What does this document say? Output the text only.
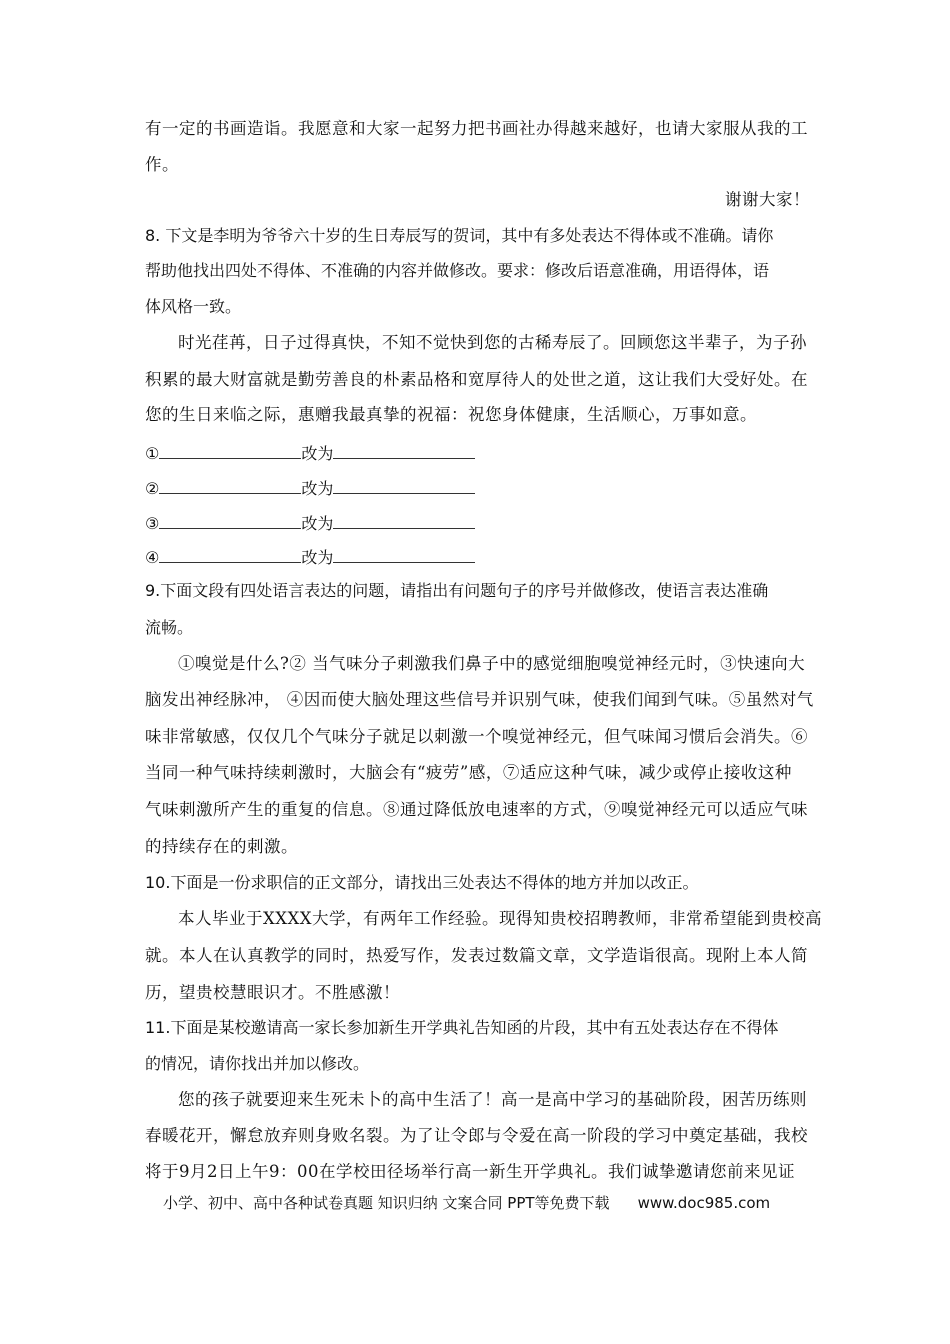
有一定的书画造诣。我愿意和大家一起努力把书画社办得越来越好，也请大家服从我的工
作。
谢谢大家！
8. 下文是李明为爷爷六十岁的生日寿辰写的贺词，其中有多处表达不得体或不准确。请你
帮助他找出四处不得体、不准确的内容并做修改。要求：修改后语意准确，用语得体，语
体风格一致。
时光荏苒，日子过得真快，不知不觉快到您的古稀寿辰了。回顾您这半辈子，为子孙
积累的最大财富就是勤劳善良的朴素品格和宽厚待人的处世之道，这让我们大受好处。在
您的生日来临之际，惠赠我最真挚的祝福：祝您身体健康，生活顺心，万事如意。
①	改为
②	改为
③	改为
④	改为
9.下面文段有四处语言表达的问题，请指出有问题句子的序号并做修改，使语言表达准确
流畅。
①嗅觉是什么?② 当气味分子刺激我们鼻子中的感觉细胞嗅觉神经元时，③快速向大
脑发出神经脉冲， ④因而使大脑处理这些信号并识别气味，使我们闻到气味。⑤虽然对气
味非常敏感，仅仅几个气味分子就足以刺激一个嗅觉神经元，但气味闻习惯后会消失。⑥
当同一种气味持续刺激时，大脑会有“疲劳”感，⑦适应这种气味，减少或停止接收这种
气味刺激所产生的重复的信息。⑧通过降低放电速率的方式，⑨嗅觉神经元可以适应气味
的持续存在的刺激。
10.下面是一份求职信的正文部分，请找出三处表达不得体的地方并加以改正。
本人毕业于XXXX大学，有两年工作经验。现得知贵校招聘教师，非常希望能到贵校高
就。本人在认真教学的同时，热爱写作，发表过数篇文章，文学造诣很高。现附上本人简
历，望贵校慧眼识才。不胜感激！
11.下面是某校邀请高一家长参加新生开学典礼告知函的片段，其中有五处表达存在不得体
的情况，请你找出并加以修改。
您的孩子就要迎来生死未卜的高中生活了！高一是高中学习的基础阶段，困苦历练则
春暖花开，懈怠放弃则身败名裂。为了让令郎与令爱在高一阶段的学习中奠定基础，我校
将于9月2日上午9：00在学校田径场举行高一新生开学典礼。我们诚挚邀请您前来见证
小学、初中、高中各种试卷真题 知识归纳 文案合同 PPT等免费下载 www.doc985.com
